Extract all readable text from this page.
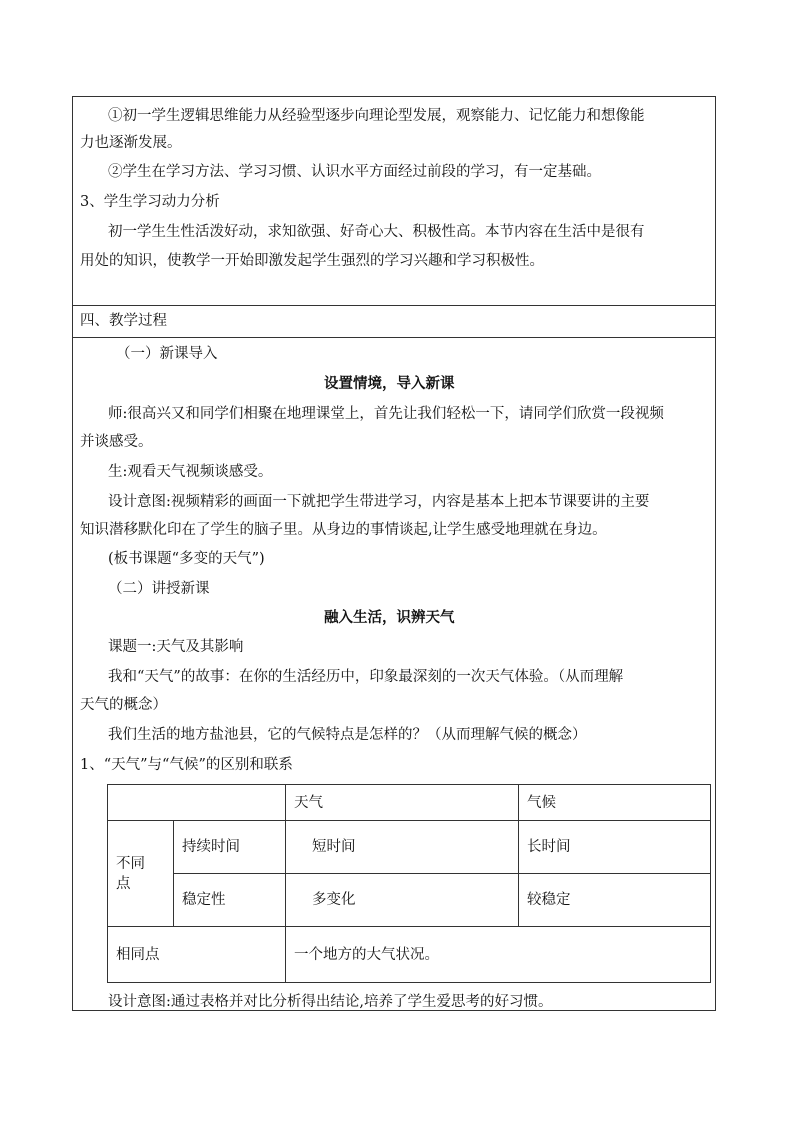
①初一学生逻辑思维能力从经验型逐步向理论型发展，观察能力、记忆能力和想像能
力也逐渐发展。
②学生在学习方法、学习习惯、认识水平方面经过前段的学习，有一定基础。
3、学生学习动力分析
初一学生生性活泼好动，求知欲强、好奇心大、积极性高。本节内容在生活中是很有
用处的知识，使教学一开始即激发起学生强烈的学习兴趣和学习积极性。
四、教学过程
（一）新课导入
设置情境，导入新课
师:很高兴又和同学们相聚在地理课堂上，首先让我们轻松一下，请同学们欣赏一段视频
并谈感受。
生:观看天气视频谈感受。
设计意图:视频精彩的画面一下就把学生带进学习，内容是基本上把本节课要讲的主要
知识潜移默化印在了学生的脑子里。从身边的事情谈起,让学生感受地理就在身边。
(板书课题“多变的天气”)
（二）讲授新课
融入生活，识辨天气
课题一:天气及其影响
我和“天气”的故事：在你的生活经历中，印象最深刻的一次天气体验。（从而理解
天气的概念）
我们生活的地方盐池县，它的气候特点是怎样的？（从而理解气候的概念）
1、“天气”与“气候”的区别和联系
		天气	气候
不同点	持续时间	短时间	长时间
	稳定性	多变化	较稳定
相同点		一个地方的大气状况。	
设计意图:通过表格并对比分析得出结论,培养了学生爱思考的好习惯。
